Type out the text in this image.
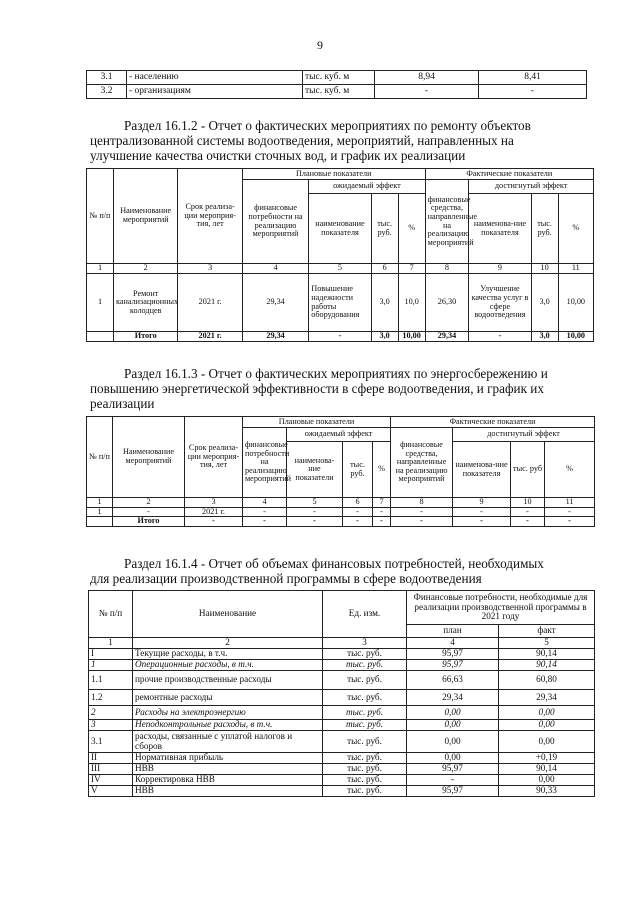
9
3.1	- населению	тыс. куб. м	8,94	8,41
3.2	- организациям	тыс. куб. м	-	-
Раздел 16.1.2 - Отчет о фактических мероприятиях по ремонту объектов
централизованной системы водоотведения, мероприятий, направленных на
улучшение качества очистки сточных вод, и график их реализации
№ п/п	Наименование мероприятий	Срок реализа-ции мероприя-тия, лет	Плановые показатели				Фактические показатели			
			финансовые потребности на реализацию мероприятий	ожидаемый эффект			финансовые средства, направленные на реализацию мероприятий	достигнутый эффект		
				наименование показателя	тыс. руб.	%		наименова-ние показателя	тыс. руб.	%
1	2	3	4	5	6	7	8	9	10	11
1	Ремонт канализационных колодцев	2021 г.	29,34	Повышение надежности работы оборудования	3,0	10,0	26,30	Улучшение качества услуг в сфере водоотведения	3,0	10,00
	Итого	2021 г.	29,34	-	3,0	10,00	29,34	-	3,0	10,00
Раздел 16.1.3 - Отчет о фактических мероприятиях по энергосбережению и
повышению энергетической эффективности в сфере водоотведения, и график их
реализации
№ п/п	Наименование мероприятий	Срок реализа-ции мероприя-тия, лет	Плановые показатели				Фактические показатели			
			финансовые потребности на реализацию мероприятий	ожидаемый эффект			финансовые средства, направленные на реализацию мероприятий	достигнутый эффект		
				наименова-ние показатели	тыс. руб.	%		наименова-ние показателя	тыс. руб	%
1	2	3	4	5	6	7	8	9	10	11
1	-	2021 г.	-	-	-	-	-	-	-	-
	Итого	-	-	-	-	-	-	-	-	-
Раздел 16.1.4 - Отчет об объемах финансовых потребностей, необходимых
для реализации производственной программы в сфере водоотведения
№ п/п	Наименование	Ед. изм.	Финансовые потребности, необходимые для реализации производственной программы в 2021 году	
			план	факт
1	2	3	4	5
I	Текущие расходы, в т.ч.	тыс. руб.	95,97	90,14
1	Операционные расходы, в т.ч.	тыс. руб.	95,97	90,14
1.1	прочие производственные расходы	тыс. руб.	66,63	60,80
1.2	ремонтные расходы	тыс. руб.	29,34	29,34
2	Расходы на электроэнергию	тыс. руб.	0,00	0,00
3	Неподконтрольные расходы, в т.ч.	тыс. руб.	0,00	0,00
3.1	расходы, связанные с уплатой налогов и сборов	тыс. руб.	0,00	0,00
II	Нормативная прибыль	тыс. руб.	0,00	+0,19
III	НВВ	тыс. руб.	95,97	90,14
IV	Корректировка НВВ	тыс. руб.	-	0,00
V	НВВ	тыс. руб.	95,97	90,33
